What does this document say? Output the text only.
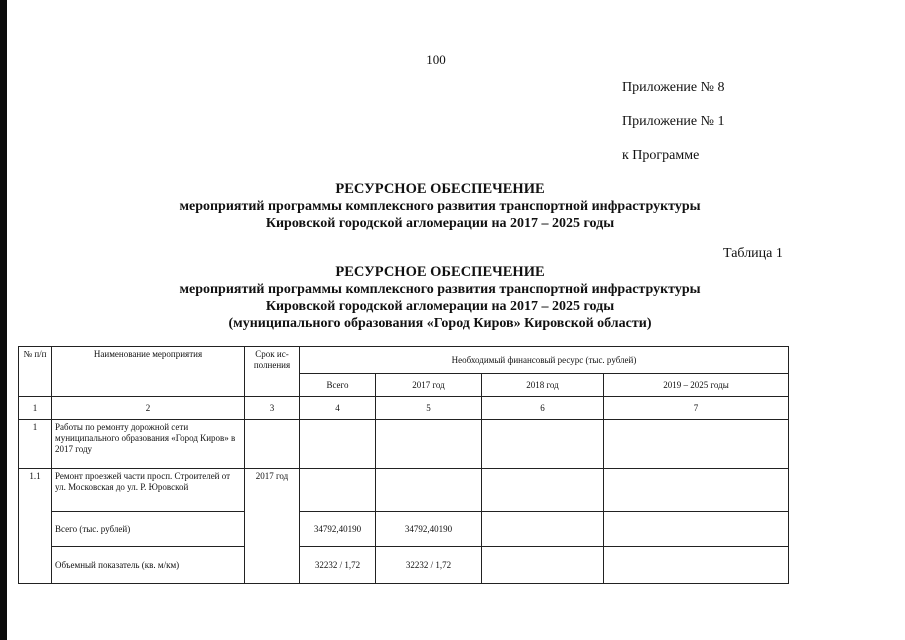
100
Приложение № 8
Приложение № 1
к Программе
РЕСУРСНОЕ ОБЕСПЕЧЕНИЕ
мероприятий программы комплексного развития транспортной инфраструктуры
Кировской городской агломерации на 2017 – 2025 годы
Таблица 1
РЕСУРСНОЕ ОБЕСПЕЧЕНИЕ
мероприятий программы комплексного развития транспортной инфраструктуры
Кировской городской агломерации на 2017 – 2025 годы
(муниципального образования «Город Киров» Кировской области)
№ п/п	Наименование мероприятия	Срок ис-полнения	Необходимый финансовый ресурс (тыс. рублей)			
			Всего	2017 год	2018 год	2019 – 2025 годы
1	2	3	4	5	6	7
1	Работы по ремонту дорожной сети муниципального образования «Город Киров» в 2017 году					
1.1	Ремонт проезжей части просп. Строителей от ул. Московская до ул. Р. Юровской	2017 год				
	Всего (тыс. рублей)		34792,40190	34792,40190		
	Объемный показатель (кв. м/км)		32232 / 1,72	32232 / 1,72		
